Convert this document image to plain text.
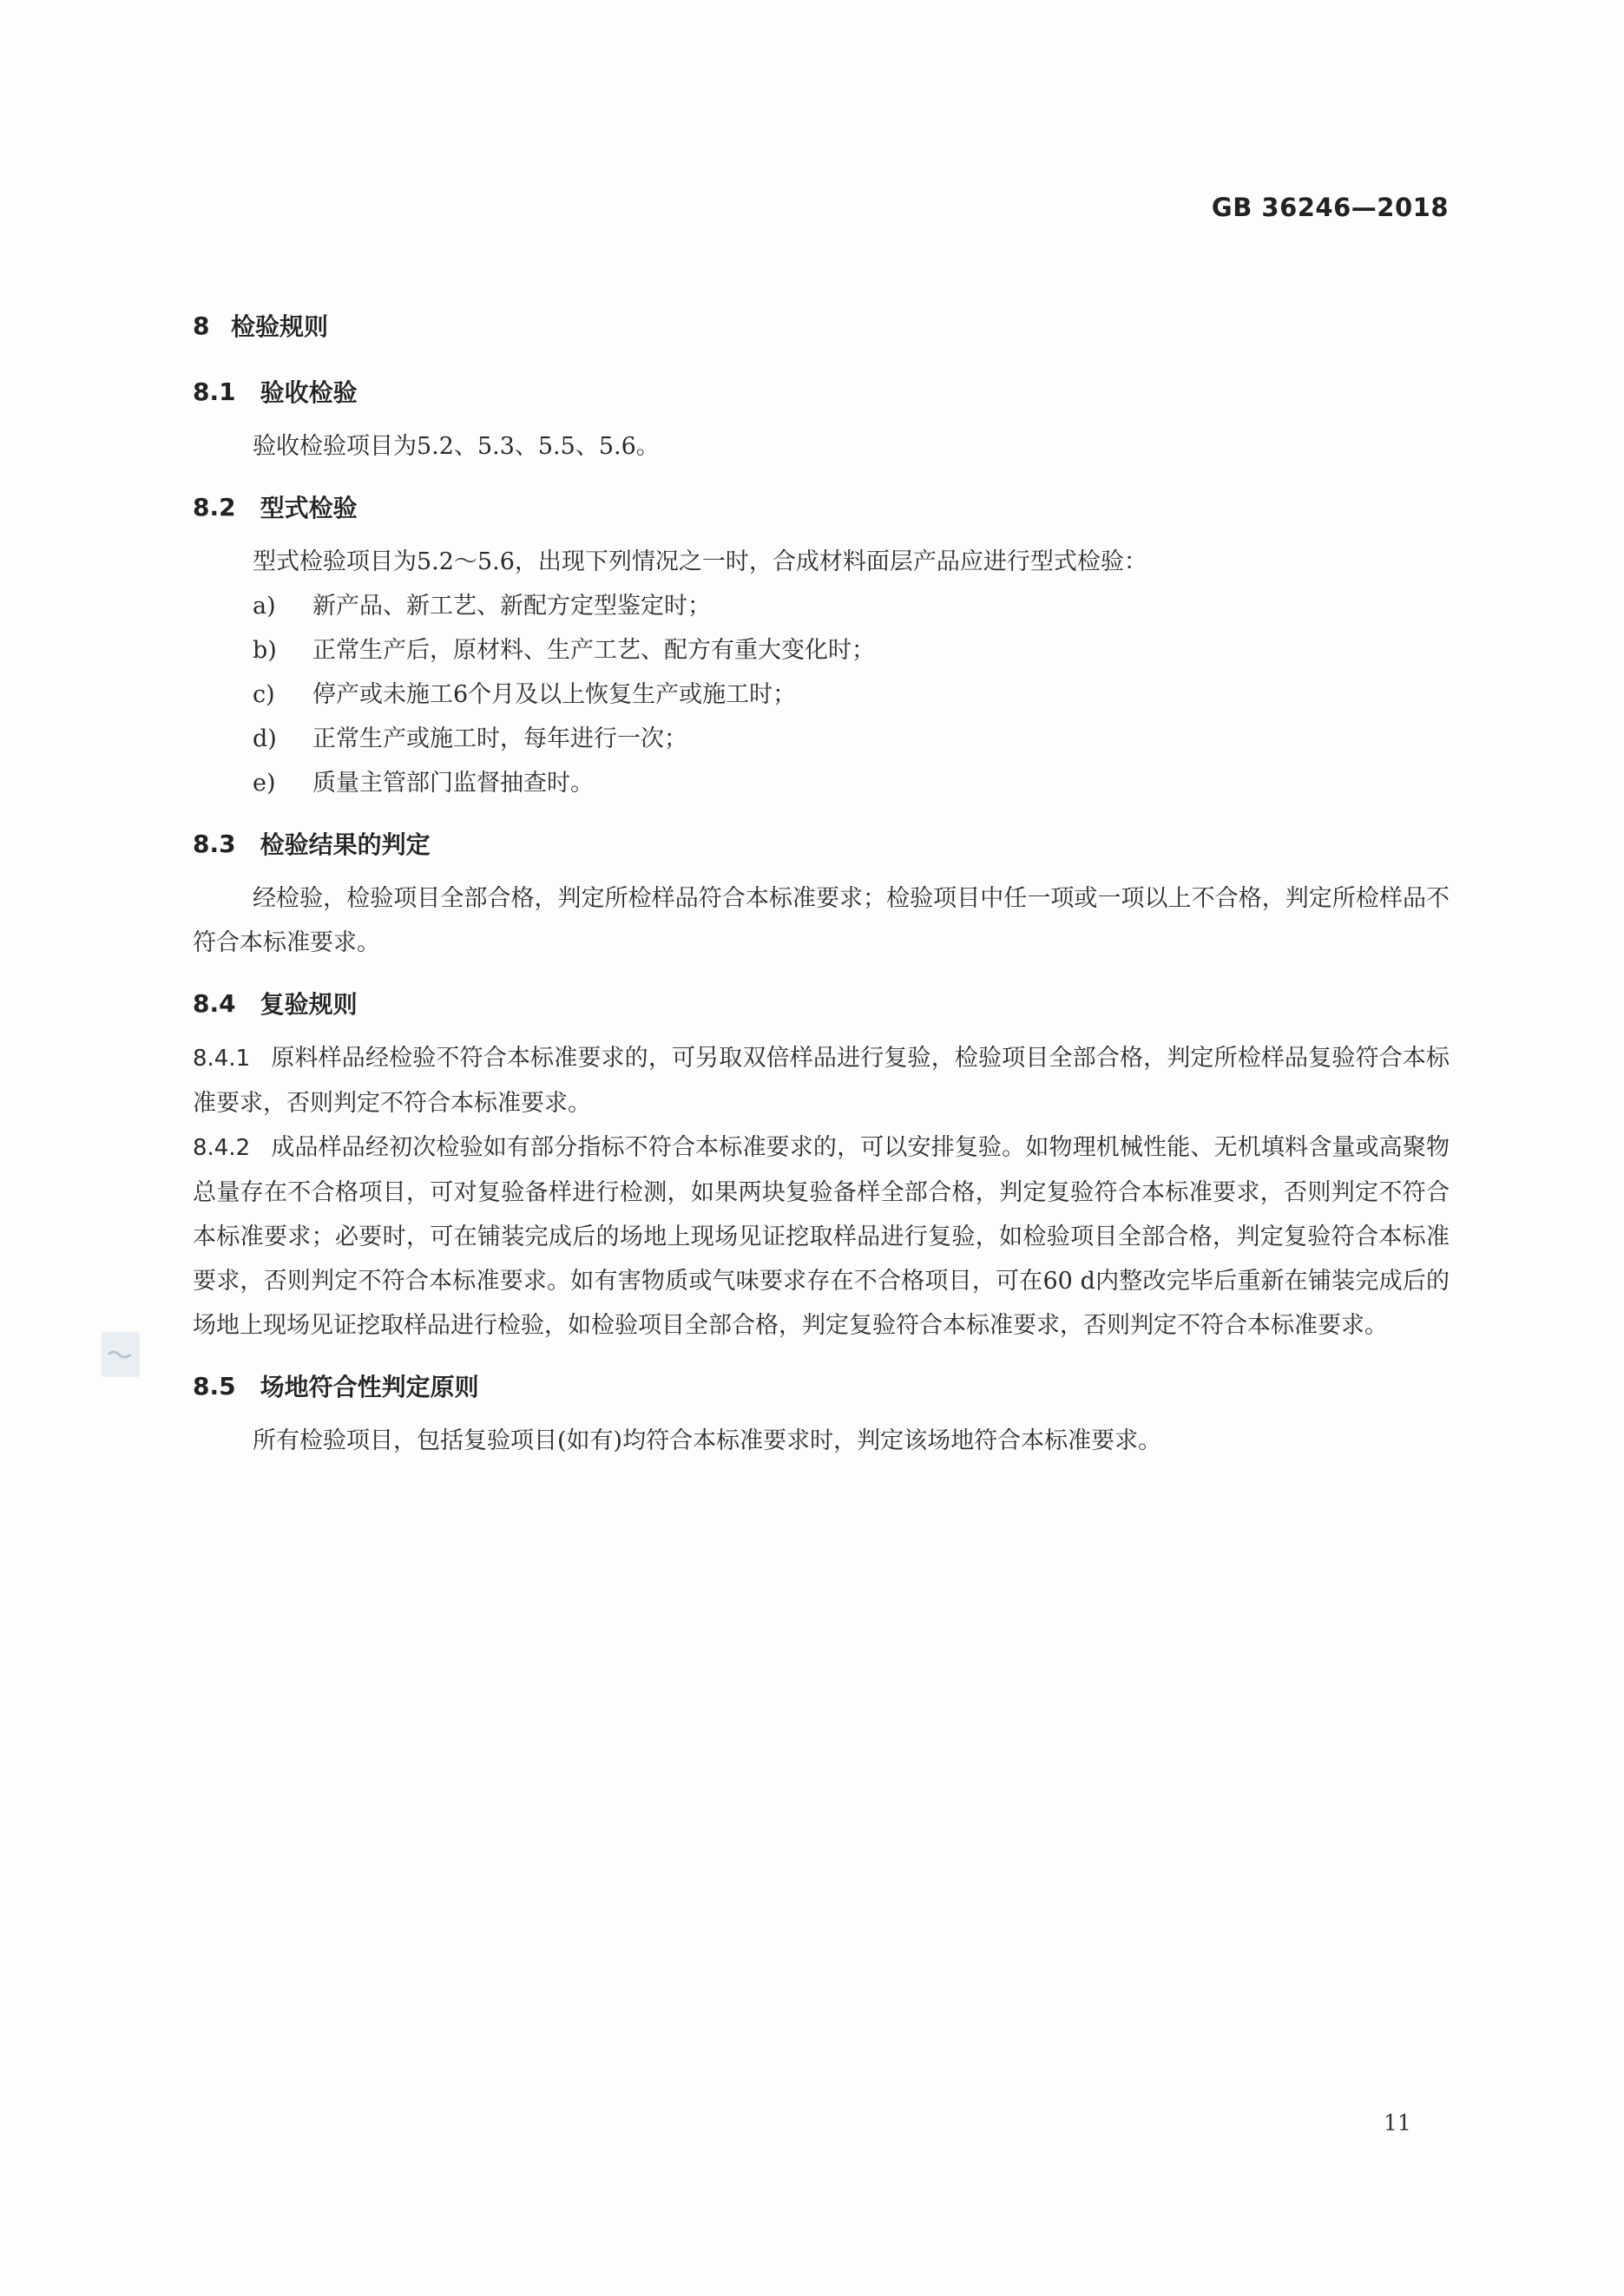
GB 36246—2018
8 检验规则
8.1 验收检验

验收检验项目为5.2、5.3、5.5、5.6。

8.2 型式检验

型式检验项目为5.2～5.6，出现下列情况之一时，合成材料面层产品应进行型式检验：

a)	新产品、新工艺、新配方定型鉴定时；
b)	正常生产后，原材料、生产工艺、配方有重大变化时；
c)	停产或未施工6个月及以上恢复生产或施工时；
d)	正常生产或施工时，每年进行一次；
e)	质量主管部门监督抽查时。
8.3 检验结果的判定

经检验，检验项目全部合格，判定所检样品符合本标准要求；检验项目中任一项或一项以上不合格，判定所检样品不符合本标准要求。

8.4 复验规则

8.4.1 原料样品经检验不符合本标准要求的，可另取双倍样品进行复验，检验项目全部合格，判定所检样品复验符合本标准要求，否则判定不符合本标准要求。

8.4.2 成品样品经初次检验如有部分指标不符合本标准要求的，可以安排复验。如物理机械性能、无机填料含量或高聚物总量存在不合格项目，可对复验备样进行检测，如果两块复验备样全部合格，判定复验符合本标准要求，否则判定不符合本标准要求；必要时，可在铺装完成后的场地上现场见证挖取样品进行复验，如检验项目全部合格，判定复验符合本标准要求，否则判定不符合本标准要求。如有害物质或气味要求存在不合格项目，可在60 d内整改完毕后重新在铺装完成后的场地上现场见证挖取样品进行检验，如检验项目全部合格，判定复验符合本标准要求，否则判定不符合本标准要求。

8.5 场地符合性判定原则

所有检验项目，包括复验项目(如有)均符合本标准要求时，判定该场地符合本标准要求。

11
